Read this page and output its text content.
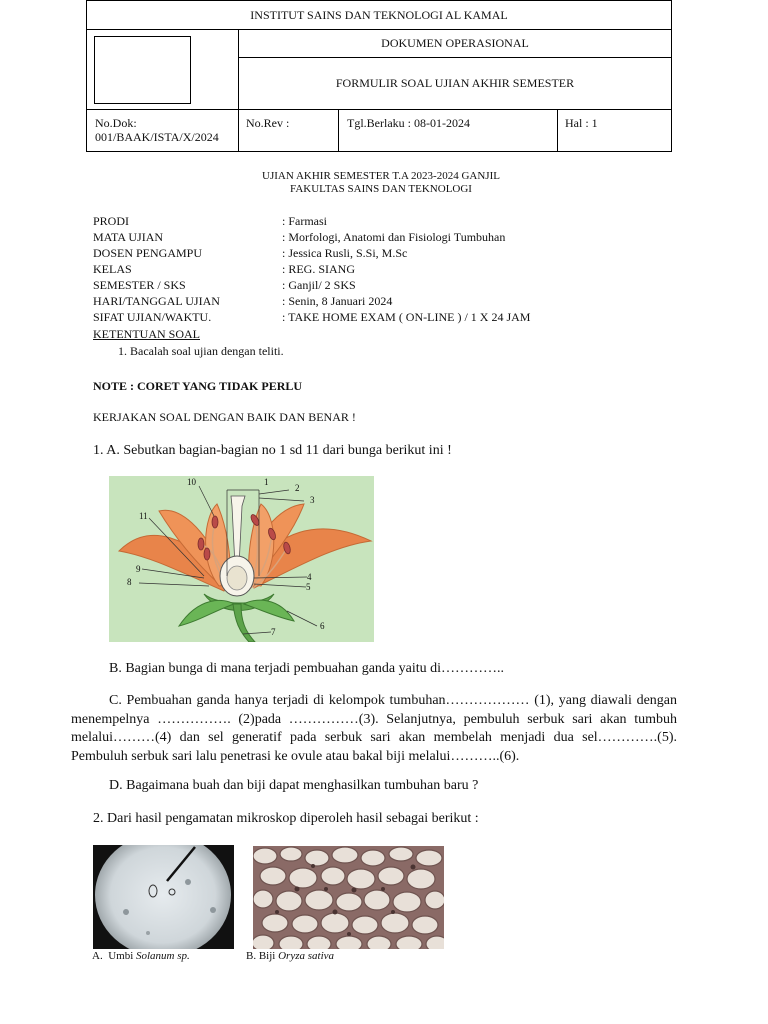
INSTITUT SAINS DAN TEKNOLOGI AL KAMAL			

	DOKUMEN OPERASIONAL		
	FORMULIR SOAL UJIAN AKHIR SEMESTER		

No.Dok:
001/BAAK/ISTA/X/2024	No.Rev :	Tgl.Berlaku : 08-01-2024	Hal : 1
UJIAN AKHIR SEMESTER T.A 2023-2024 GANJIL
FAKULTAS SAINS DAN TEKNOLOGI
PRODI	: Farmasi
MATA UJIAN	: Morfologi, Anatomi dan Fisiologi Tumbuhan
DOSEN PENGAMPU	: Jessica Rusli, S.Si, M.Sc
KELAS	: REG. SIANG
SEMESTER / SKS	: Ganjil/ 2 SKS
HARI/TANGGAL UJIAN	: Senin, 8 Januari 2024
SIFAT UJIAN/WAKTU.	: TAKE HOME EXAM ( ON-LINE ) / 1 X 24 JAM
KETENTUAN SOAL
1. Bacalah soal ujian dengan teliti.
NOTE : CORET YANG TIDAK PERLU
KERJAKAN SOAL DENGAN BAIK DAN BENAR !
1. A. Sebutkan bagian-bagian no 1 sd 11 dari bunga berikut ini !
1
2
3
4
5
6
7
8
9
10
11
B. Bagian bunga di mana terjadi pembuahan ganda yaitu di…………..
C. Pembuahan ganda hanya terjadi di kelompok tumbuhan……………… (1), yang diawali dengan menempelnya ……………. (2)pada ……………(3). Selanjutnya, pembuluh serbuk sari akan tumbuh melalui………(4) dan sel generatif pada serbuk sari akan membelah menjadi dua sel………….(5). Pembuluh serbuk sari lalu penetrasi ke ovule atau bakal biji melalui………..(6).
D. Bagaimana buah dan biji dapat menghasilkan tumbuhan baru ?
2. Dari hasil pengamatan mikroskop diperoleh hasil sebagai berikut :
A.  Umbi Solanum sp.	B. Biji Oryza sativa
